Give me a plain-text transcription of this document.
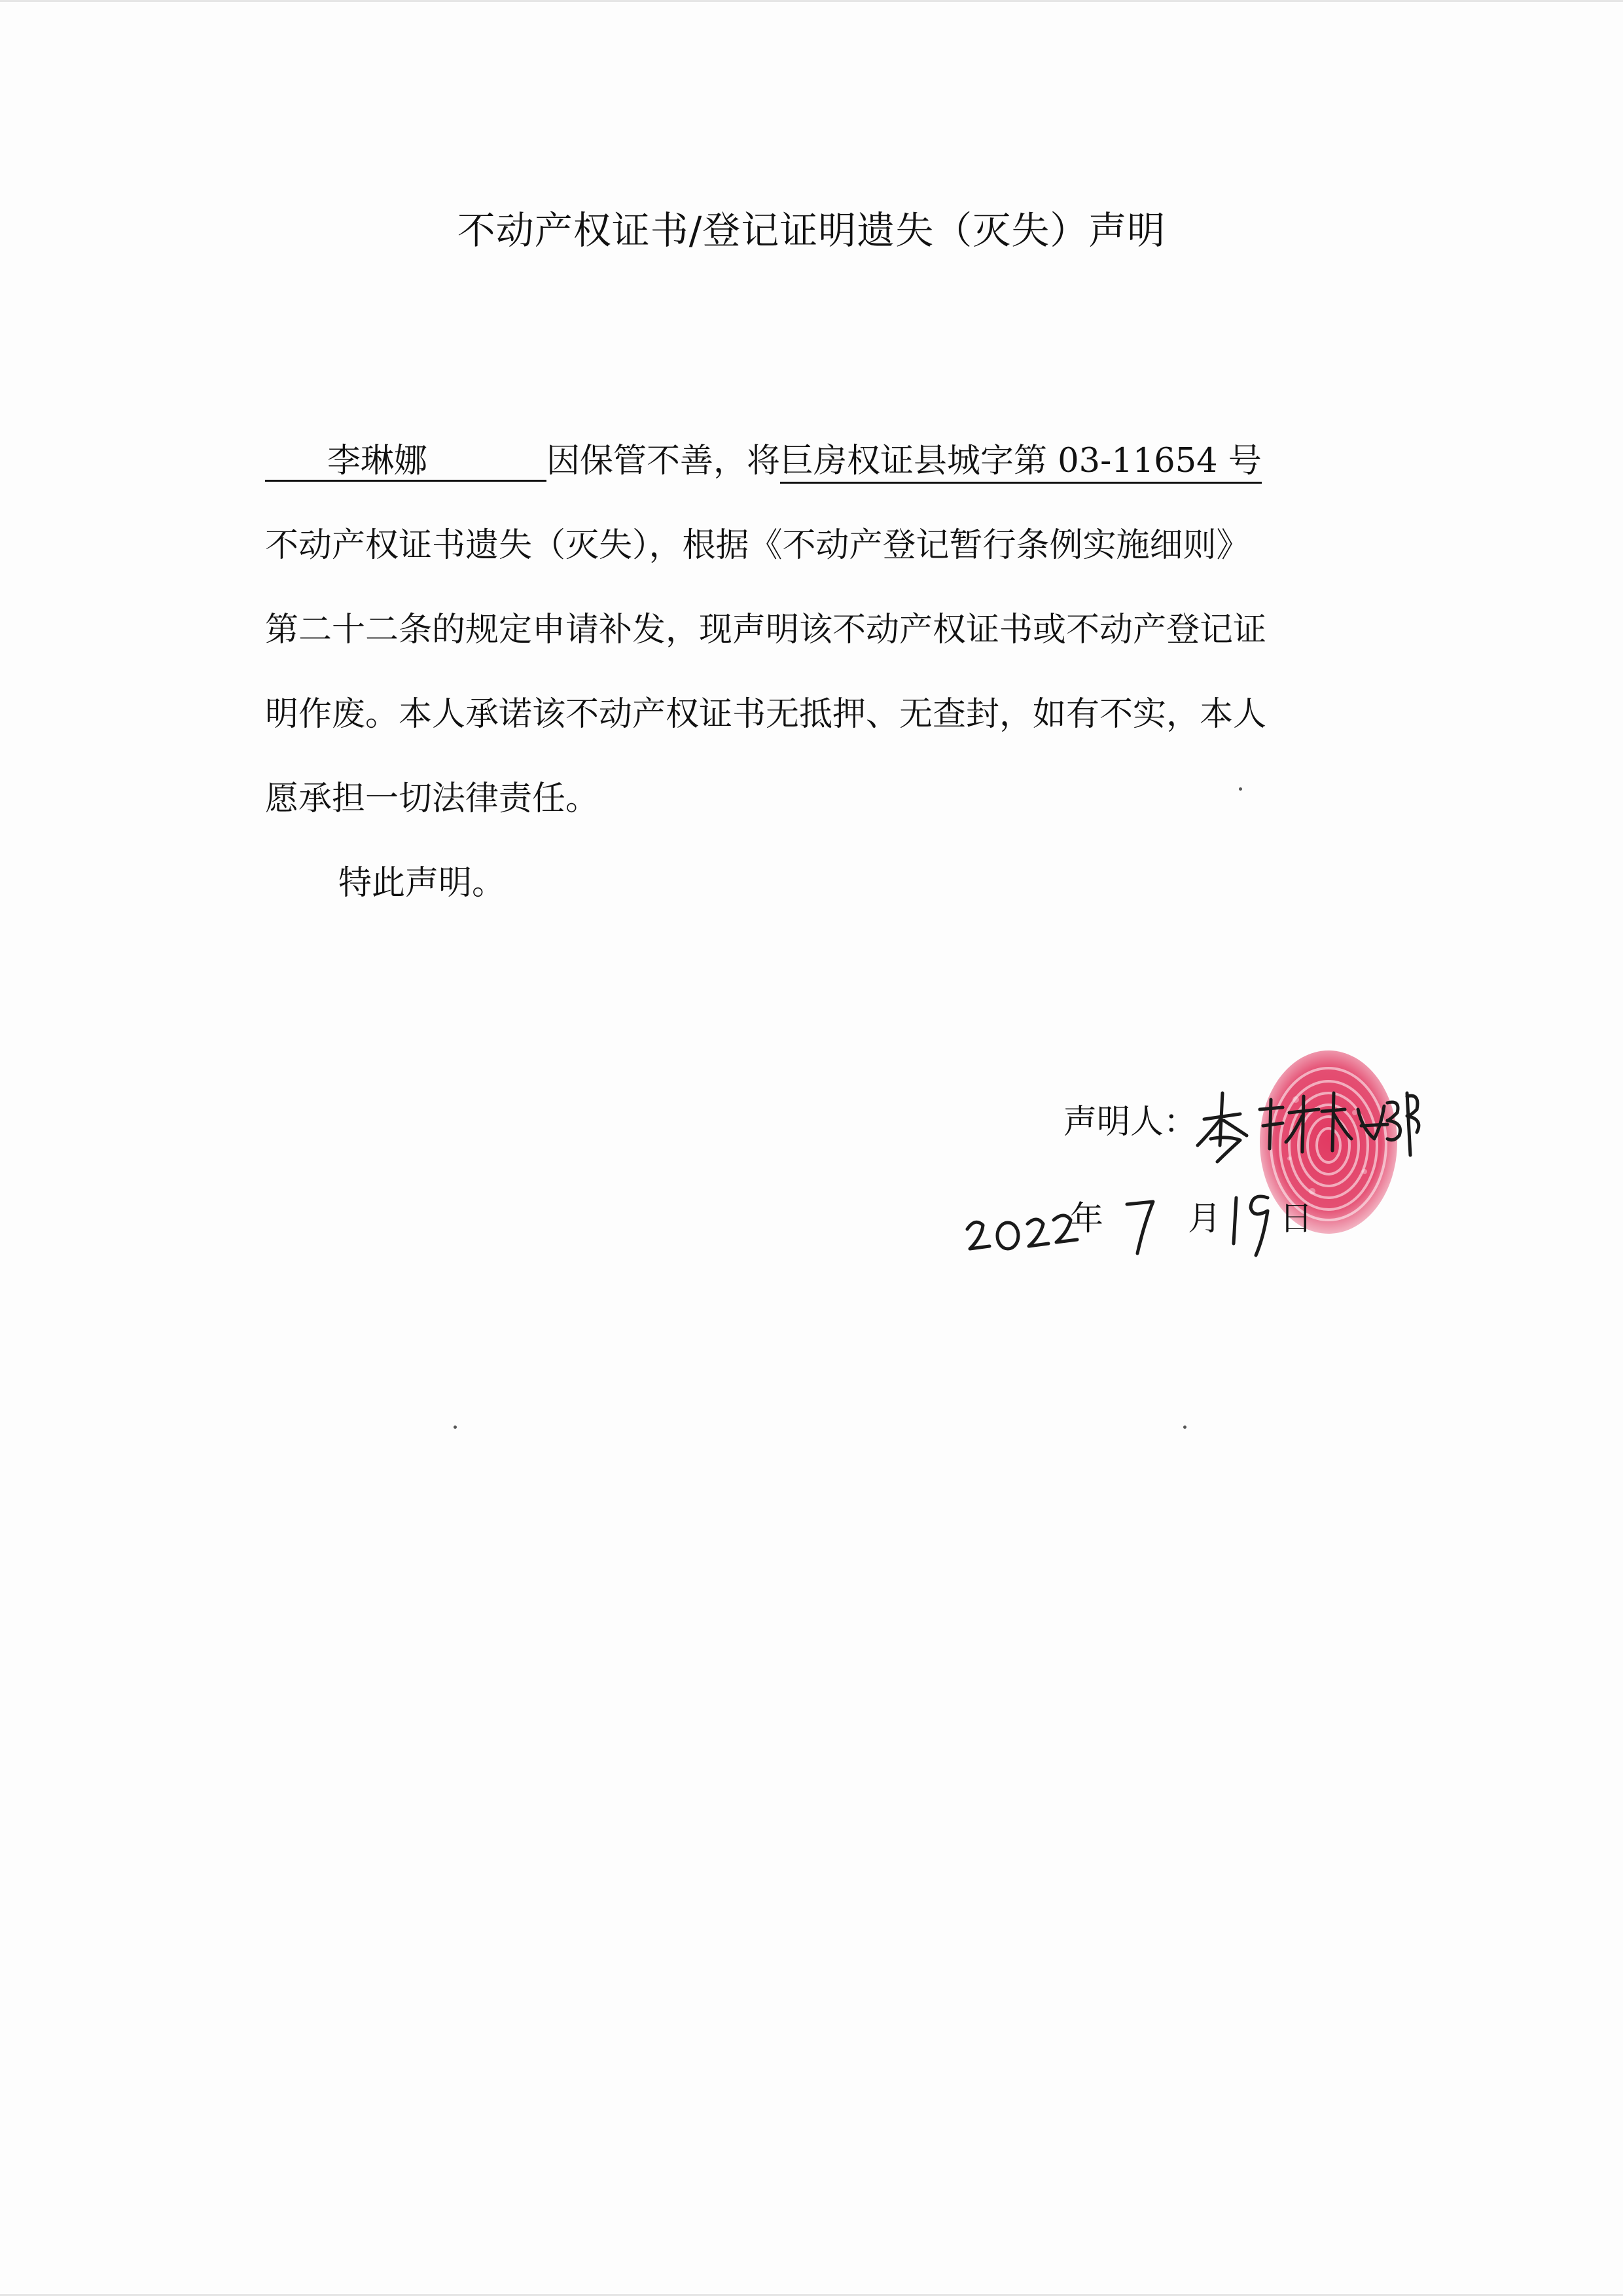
不动产权证书/登记证明遗失（灭失）声明
李琳娜	因保管不善，将巨房权证县城字第 03-11654 号
不动产权证书遗失（灭失），根据《不动产登记暂行条例实施细则》
第二十二条的规定申请补发，现声明该不动产权证书或不动产登记证
明作废。本人承诺该不动产权证书无抵押、无查封，如有不实，本人
愿承担一切法律责任。
特此声明。
声明人：
年	月 日
